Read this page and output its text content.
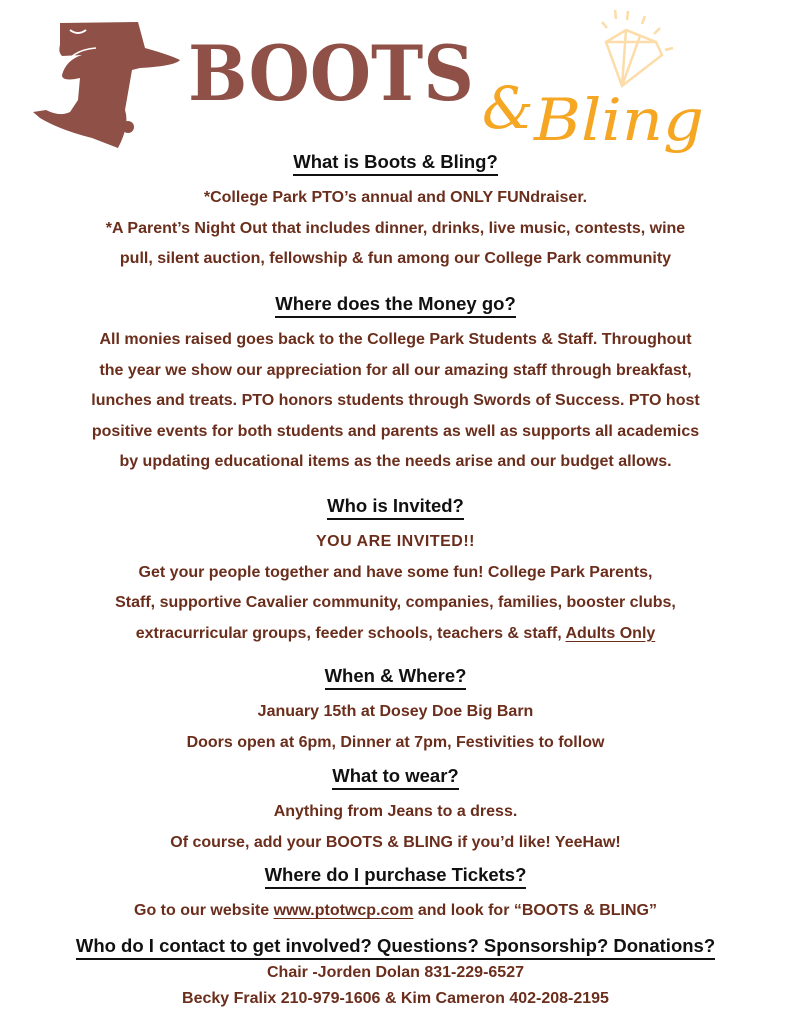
BOOTS & Bling
What is Boots & Bling?
*College Park PTO’s annual and ONLY FUNdraiser.
*A Parent’s Night Out that includes dinner, drinks, live music, contests, wine
pull, silent auction, fellowship & fun among our College Park community
Where does the Money go?
All monies raised goes back to the College Park Students & Staff. Throughout
the year we show our appreciation for all our amazing staff through breakfast,
lunches and treats. PTO honors students through Swords of Success. PTO host
positive events for both students and parents as well as supports all academics
by updating educational items as the needs arise and our budget allows.
Who is Invited?
YOU ARE INVITED!!
Get your people together and have some fun! College Park Parents,
Staff, supportive Cavalier community, companies, families, booster clubs,
extracurricular groups, feeder schools, teachers & staff, Adults Only
When & Where?
January 15th at Dosey Doe Big Barn
Doors open at 6pm, Dinner at 7pm, Festivities to follow
What to wear?
Anything from Jeans to a dress.
Of course, add your BOOTS & BLING if you’d like! YeeHaw!
Where do I purchase Tickets?
Go to our website www.ptotwcp.com and look for “BOOTS & BLING”
Who do I contact to get involved? Questions? Sponsorship? Donations?
Chair -Jorden Dolan 831-229-6527
Becky Fralix 210-979-1606 & Kim Cameron 402-208-2195
